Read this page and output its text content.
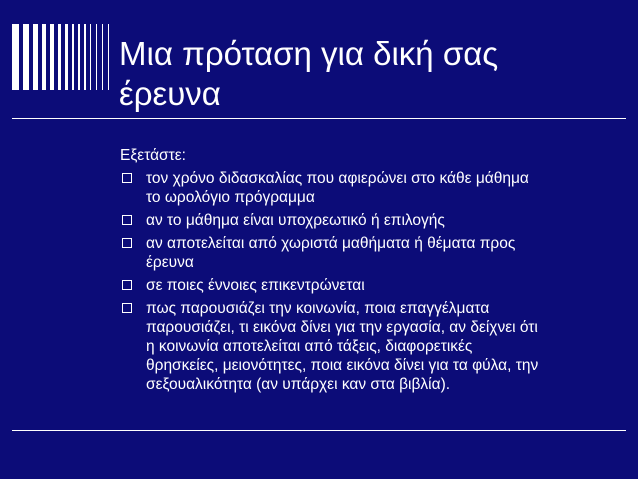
Μια πρόταση για δική σας
έρευνα

Εξετάστε:

τον χρόνο διδασκαλίας που αφιερώνει στο κάθε μάθημα
το ωρολόγιο πρόγραμμα
αν το μάθημα είναι υποχρεωτικό ή επιλογής
αν αποτελείται από χωριστά μαθήματα ή θέματα προς
έρευνα
σε ποιες έννοιες επικεντρώνεται
πως παρουσιάζει την κοινωνία, ποια επαγγέλματα
παρουσιάζει, τι εικόνα δίνει για την εργασία, αν δείχνει ότι
η κοινωνία αποτελείται από τάξεις, διαφορετικές
θρησκείες, μειονότητες, ποια εικόνα δίνει για τα φύλα, την
σεξουαλικότητα (αν υπάρχει καν στα βιβλία).
